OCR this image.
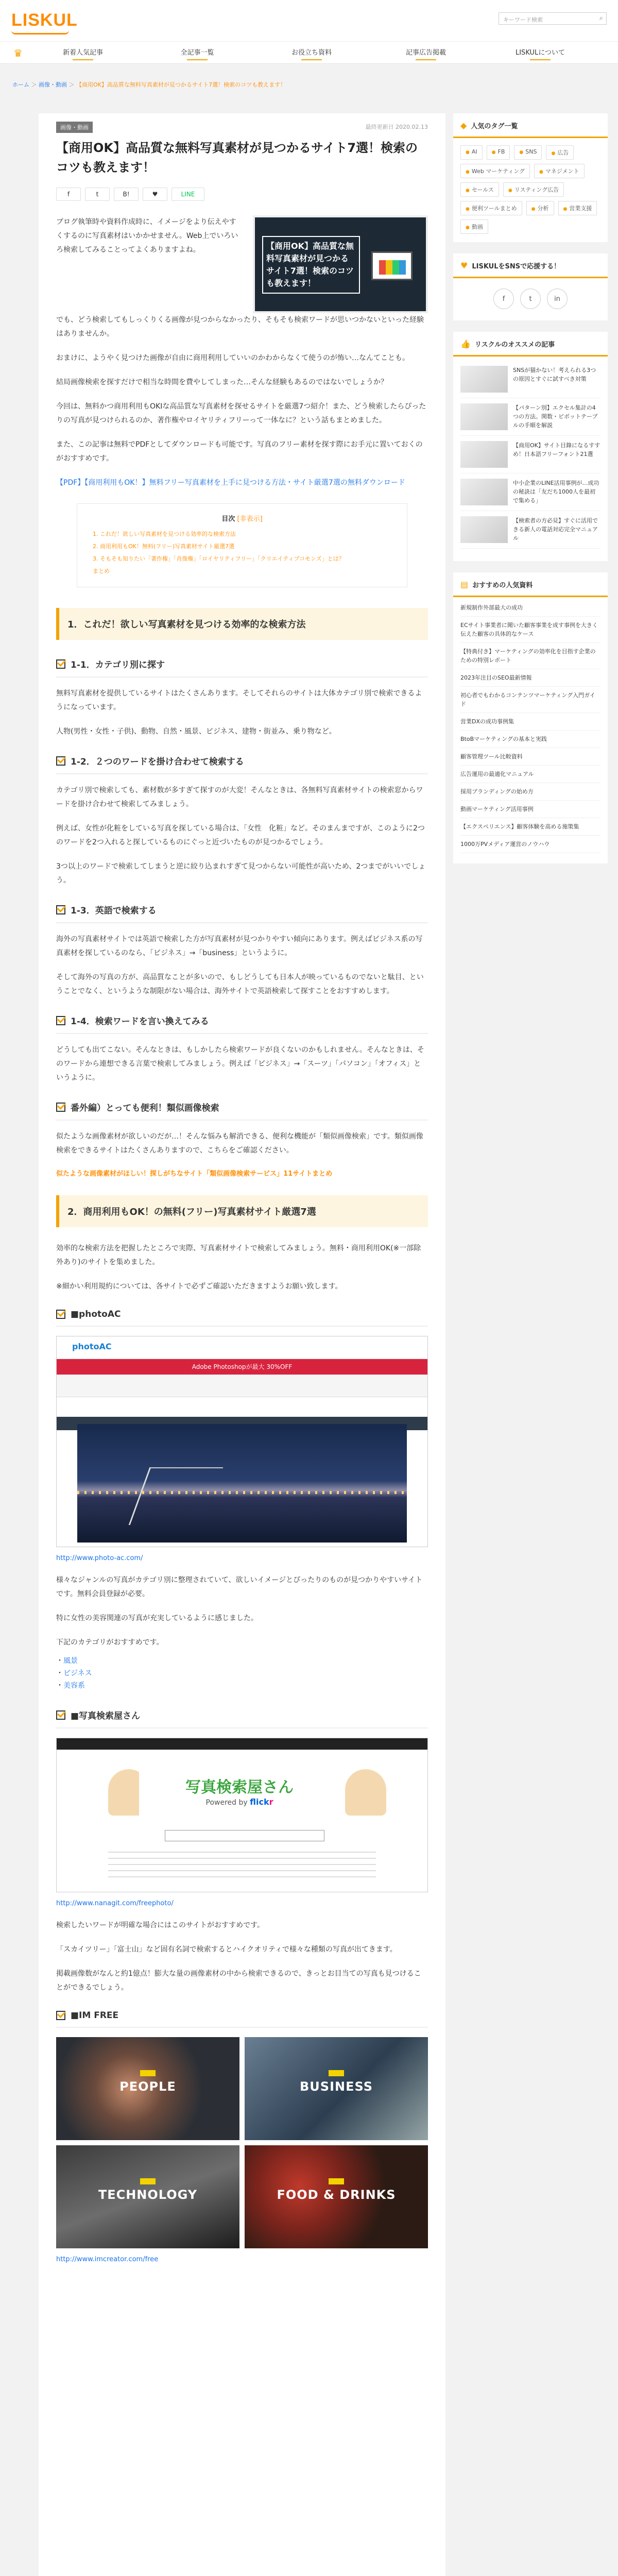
LISKUL	キーワード検索	⌕
♛	新着人気記事	全記事一覧	お役立ち資料	記事広告掲載	LISKULについて
ホーム ＞ 画像・動画 ＞ 【商用OK】高品質な無料写真素材が見つかるサイト7選！検索のコツも教えます！
画像・動画	最終更新日 2020.02.13
【商用OK】高品質な無料写真素材が見つかるサイト7選！検索のコツも教えます！
f	t	B!	♥	LINE

ブログ執筆時や資料作成時に、イメージをより伝えやすくするのに写真素材はいかかせません。Web上でいろいろ検索してみることってよくありますよね。	【商用OK】高品質な無料写真素材が見つかるサイト7選！検索のコツも教えます！

でも、どう検索してもしっくりくる画像が見つからなかったり、そもそも検索ワードが思いつかないといった経験はありませんか。

おまけに、ようやく見つけた画像が自由に商用利用していいのかわからなくて使うのが怖い…なんてことも。

結局画像検索を探すだけで相当な時間を費やしてしまった…そんな経験もあるのではないでしょうか？

今回は、無料かつ商用利用もOKⅠな高品質な写真素材を探せるサイトを厳選7つ紹介！また、どう検索したらぴったりの写真が見つけられるのか、著作権やロイヤリティフリーって一体なに？という話もまとめました。

また、この記事は無料でPDFとしてダウンロードも可能です。写真のフリー素材を探す際にお手元に置いておくのがおすすめです。

【PDF】【商用利用もOK！】無料フリー写真素材を上手に見つける方法・サイト厳選7選の無料ダウンロード
目次 [非表示]
1. これだ！欲しい写真素材を見つける効率的な検索方法
2. 商用利用もOK！無料(フリー)写真素材サイト厳選7選
3. そもそも知りたい「著作権」「肖像権」「ロイヤリティフリー」「クリエイティブコモンズ」とは？
まとめ
1．これだ！欲しい写真素材を見つける効率的な検索方法
1-1．カテゴリ別に探す

無料写真素材を提供しているサイトはたくさんあります。そしてそれらのサイトは大体カテゴリ別で検索できるようになっています。

人物(男性・女性・子供)、動物、自然・風景、ビジネス、建物・街並み、乗り物など。

1-2．２つのワードを掛け合わせて検索する

カテゴリ別で検索しても、素材数が多すぎて探すのが大変！そんなときは、各無料写真素材サイトの検索窓からワードを掛け合わせて検索してみましょう。

例えば、女性が化粧をしている写真を探している場合は、「女性　化粧」など。そのまんまですが、このように2つのワードを2つ入れると探しているものにぐっと近づいたものが見つかるでしょう。

3つ以上のワードで検索してしまうと逆に絞り込まれすぎて見つからない可能性が高いため、2つまでがいいでしょう。

1-3．英語で検索する

海外の写真素材サイトでは英語で検索した方が写真素材が見つかりやすい傾向にあります。例えばビジネス系の写真素材を探しているのなら、「ビジネス」→「business」というように。

そして海外の写真の方が、高品質なことが多いので、もしどうしても日本人が映っているものでないと駄目、ということでなく、というような制限がない場合は、海外サイトで英語検索して探すことをおすすめします。

1-4．検索ワードを言い換えてみる

どうしても出てこない。そんなときは、もしかしたら検索ワードが良くないのかもしれません。そんなときは、そのワードから連想できる言葉で検索してみましょう。例えば「ビジネス」→「スーツ」「パソコン」「オフィス」というように。

番外編）とっても便利！類似画像検索

似たような画像素材が欲しいのだが…！そんな悩みも解消できる、便利な機能が「類似画像検索」です。類似画像検索をできるサイトはたくさんありますので、こちらをご確認ください。

似たような画像素材がほしい！探しがちなサイト「類似画像検索サービス」11サイトまとめ
2．商用利用もOK！の無料(フリー)写真素材サイト厳選7選

効率的な検索方法を把握したところで実際、写真素材サイトで検索してみましょう。無料・商用利用OK(※一部除外あり)のサイトを集めました。

※細かい利用規約については、各サイトで必ずご確認いただきますようお願い致します。

■photoAC
photoAC
Adobe Photoshopが最大 30%OFF
http://www.photo-ac.com/

様々なジャンルの写真がカテゴリ別に整理されていて、欲しいイメージとぴったりのものが見つかりやすいサイトです。無料会員登録が必要。

特に女性の美容関連の写真が充実しているように感じました。

下記のカテゴリがおすすめです。

・ 風景
・ ビジネス
・ 美容系
■写真検索屋さん
写真検索屋さん
Powered by flickr
http://www.nanagit.com/freephoto/

検索したいワードが明確な場合にはこのサイトがおすすめです。

「スカイツリー」「富士山」など固有名詞で検索するとハイクオリティで様々な種類の写真が出てきます。

掲載画像数がなんと約1億点！膨大な量の画像素材の中から検索できるので、きっとお目当ての写真も見つけることができるでしょう。

■IM FREE
PEOPLE	BUSINESS
TECHNOLOGY	FOOD & DRINKS
http://www.imcreator.com/free
◆ 人気のタグ一覧
● AI	● FB	● SNS	● 広告
● Web マーケティング	● マネジメント
● セールス	● リスティング広告
● 便利ツールまとめ	● 分析	● 営業支援
● 動画
♥ LISKULをSNSで応援する！
f	t	in
👍 リスクルのオススメの記事
SNSが猫かない！考えられる3つの原因とすぐに試すべき対策
【パターン別】エクセル集計の4つの方法。関数・ピボットテーブルの手順を解説
【商用OK】サイト目錄になるすすめ！日本語フリーフォント21選
中小企業のLINE活用事例が…成功の秘訣は「友だち1000人を最初で集める」
【検索者の方必見】すぐに活用できる新人の電話対応完全マニュアル
▤ おすすめの人気資料
新規制作外部最大の成功
ECサイト事業者に聞いた顧客事業を成す事例を大きく伝えた顧客の具体的なケース
【特典付き】マーケティングの効率化を目指す企業のための特別レポート
2023年注目のSEO最新情報
初心者でもわかるコンテンツマーケティング入門ガイド
営業DXの成功事例集
BtoBマーケティングの基本と実践
顧客管理ツール比較資料
広告運用の最適化マニュアル
採用ブランディングの始め方
動画マーケティング活用事例
【エクスペリエンス】顧客体験を高める施策集
1000万PVメディア運営のノウハウ
